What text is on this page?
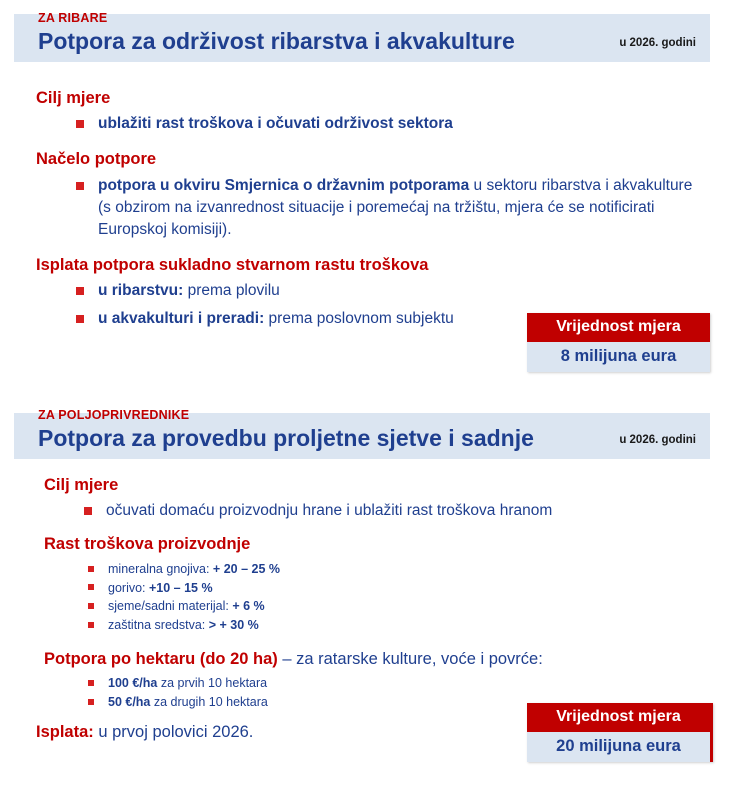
ZA RIBARE
Potpora za održivost ribarstva i akvakulture	u 2026. godini
Cilj mjere
ublažiti rast troškova i očuvati održivost sektora
Načelo potpore
potpora u okviru Smjernica o državnim potporama u sektoru ribarstva i akvakulture (s obzirom na izvanrednost situacije i poremećaj na tržištu, mjera će se notificirati Europskoj komisiji).
Isplata potpora sukladno stvarnom rastu troškova
u ribarstvu: prema plovilu
u akvakulturi i preradi: prema poslovnom subjektu	Vrijednost mjera
8 milijuna eura
ZA POLJOPRIVREDNIKE
Potpora za provedbu proljetne sjetve i sadnje	u 2026. godini
Cilj mjere
očuvati domaću proizvodnju hrane i ublažiti rast troškova hranom
Rast troškova proizvodnje
mineralna gnojiva: + 20 – 25 %
gorivo: +10 – 15 %
sjeme/sadni materijal: + 6 %
zaštitna sredstva: > + 30 %
Potpora po hektaru (do 20 ha) – za ratarske kulture, voće i povrće:
100 €/ha za prvih 10 hektara
50 €/ha za drugih 10 hektara
Isplata: u prvoj polovici 2026.
Vrijednost mjera
20 milijuna eura
